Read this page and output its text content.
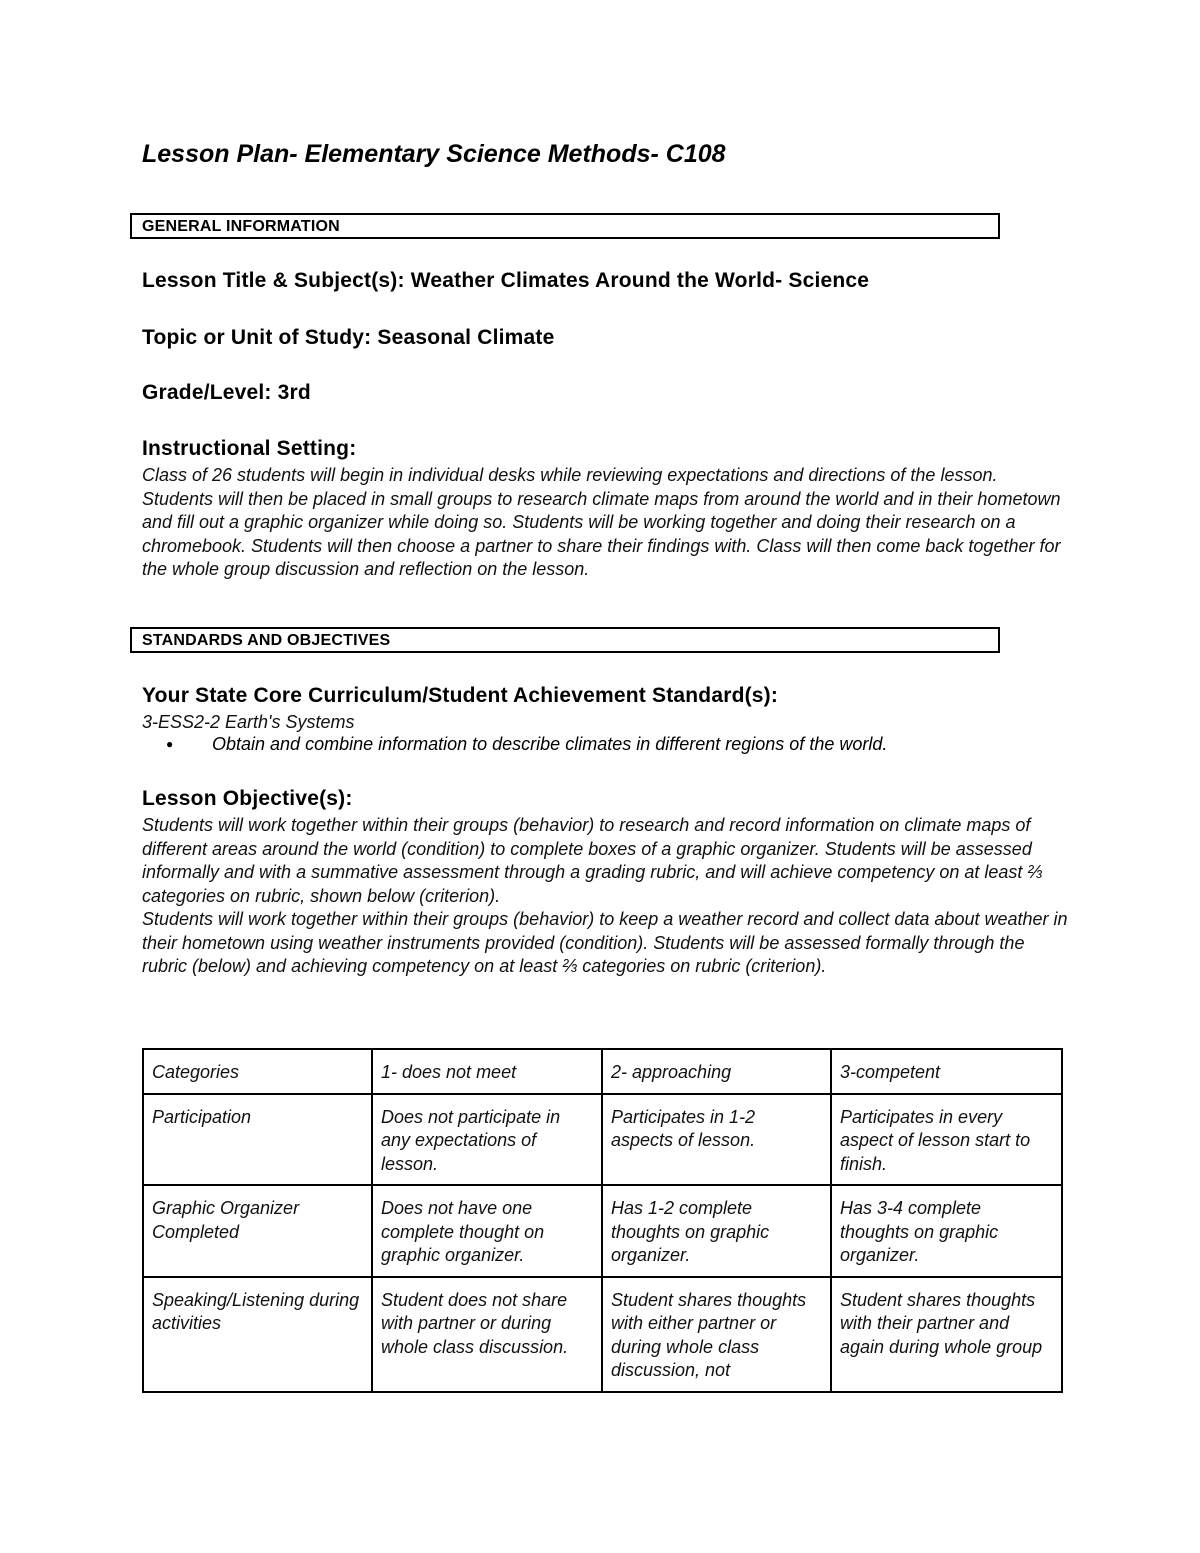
Lesson Plan- Elementary Science Methods- C108
GENERAL INFORMATION

Lesson Title & Subject(s): Weather Climates Around the World- Science

Topic or Unit of Study: Seasonal Climate

Grade/Level: 3rd

Instructional Setting:

Class of 26 students will begin in individual desks while reviewing expectations and directions of the lesson. Students will then be placed in small groups to research climate maps from around the world and in their hometown and fill out a graphic organizer while doing so. Students will be working together and doing their research on a chromebook. Students will then choose a partner to share their findings with. Class will then come back together for the whole group discussion and reflection on the lesson.

STANDARDS AND OBJECTIVES

Your State Core Curriculum/Student Achievement Standard(s):

3-ESS2-2 Earth's Systems

● Obtain and combine information to describe climates in different regions of the world.

Lesson Objective(s):

Students will work together within their groups (behavior) to research and record information on climate maps of different areas around the world (condition) to complete boxes of a graphic organizer. Students will be assessed informally and with a summative assessment through a grading rubric, and will achieve competency on at least ⅔ categories on rubric, shown below (criterion).

Students will work together within their groups (behavior) to keep a weather record and collect data about weather in their hometown using weather instruments provided (condition). Students will be assessed formally through the rubric (below) and achieving competency on at least ⅔ categories on rubric (criterion).

Categories	1- does not meet	2- approaching	3-competent
Participation	Does not participate in any expectations of lesson.	Participates in 1-2 aspects of lesson.	Participates in every aspect of lesson start to finish.
Graphic Organizer Completed	Does not have one complete thought on graphic organizer.	Has 1-2 complete thoughts on graphic organizer.	Has 3-4 complete thoughts on graphic organizer.
Speaking/Listening during activities	Student does not share with partner or during whole class discussion.	Student shares thoughts with either partner or during whole class discussion, not	Student shares thoughts with their partner and again during whole group
